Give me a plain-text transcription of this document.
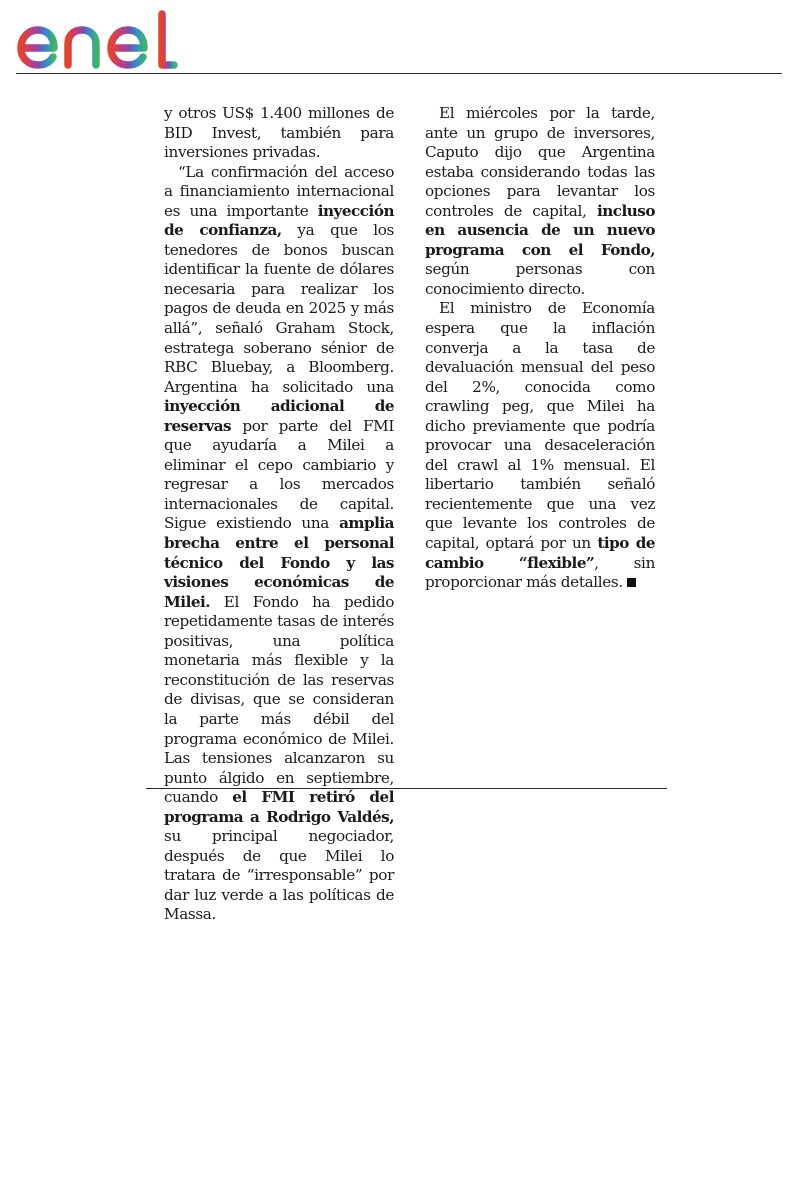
y otros US$ 1.400 millones de BID Invest, también para inversiones privadas.

“La confirmación del acceso a financiamiento internacional es una importante inyección de confianza, ya que los tenedores de bonos buscan identificar la fuente de dólares necesaria para realizar los pagos de deuda en 2025 y más allá”, señaló Graham Stock, estratega soberano sénior de RBC Bluebay, a Bloomberg. Argentina ha solicitado una inyección adicional de reservas por parte del FMI que ayudaría a Milei a eliminar el cepo cambiario y regresar a los mercados internacionales de capital. Sigue existiendo una amplia brecha entre el personal técnico del Fondo y las visiones económicas de Milei. El Fondo ha pedido repetidamente tasas de interés positivas, una política monetaria más flexible y la reconstitución de las reservas de divisas, que se consideran la parte más débil del programa económico de Milei. Las tensiones alcanzaron su punto álgido en septiembre, cuando el FMI retiró del programa a Rodrigo Valdés, su principal negociador, después de que Milei lo tratara de “irresponsable” por dar luz verde a las políticas de Massa.

El miércoles por la tarde, ante un grupo de inversores, Caputo dijo que Argentina estaba considerando todas las opciones para levantar los controles de capital, incluso en ausencia de un nuevo programa con el Fondo, según personas con conocimiento directo.

El ministro de Economía espera que la inflación converja a la tasa de devaluación mensual del peso del 2%, conocida como crawling peg, que Milei ha dicho previamente que podría provocar una desaceleración del crawl al 1% mensual. El libertario también señaló recientemente que una vez que levante los controles de capital, optará por un tipo de cambio “flexible”, sin proporcionar más detalles.
